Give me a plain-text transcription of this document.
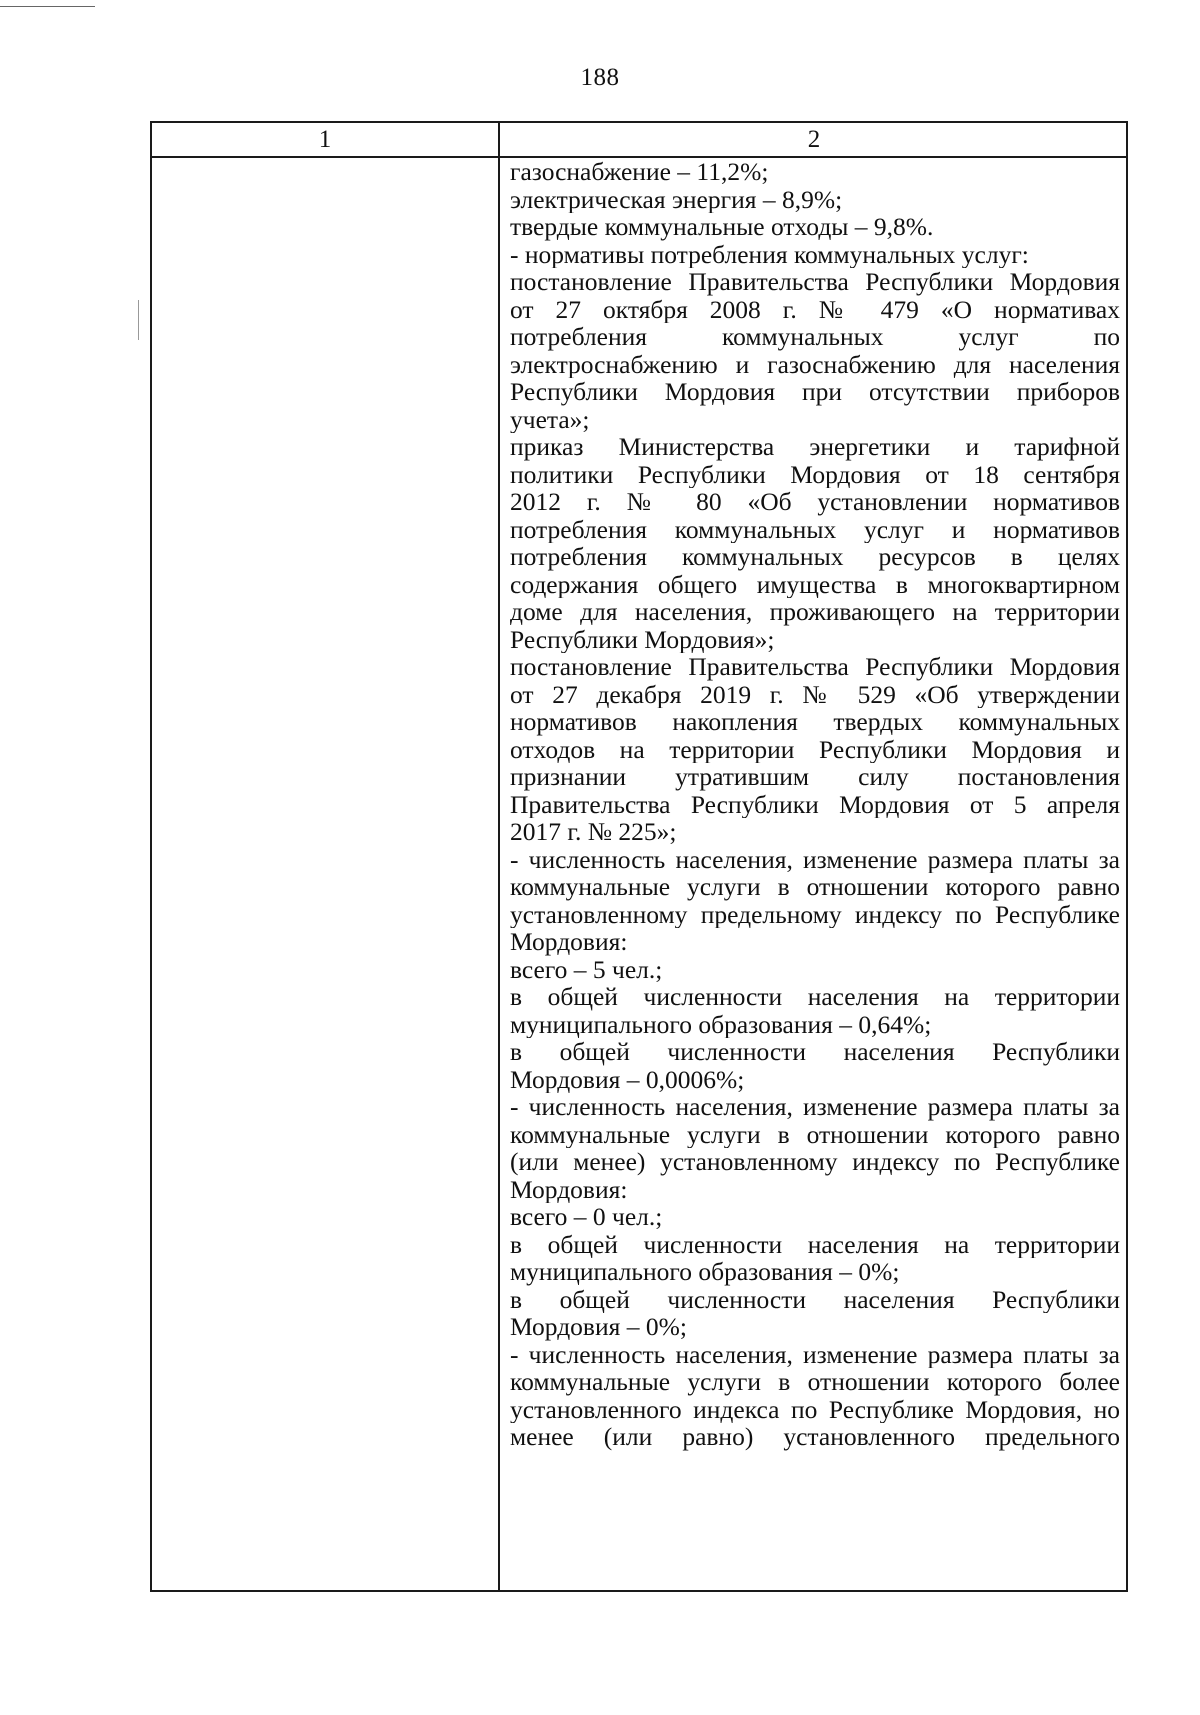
188
1	2
газоснабжение – 11,2%;
электрическая энергия – 8,9%;
твердые коммунальные отходы – 9,8%.
- нормативы потребления коммунальных услуг:
постановление Правительства Республики Мордовия
от 27 октября 2008 г. № 479 «О нормативах
потребления коммунальных услуг по
электроснабжению и газоснабжению для населения
Республики Мордовия при отсутствии приборов
учета»;
приказ Министерства энергетики и тарифной
политики Республики Мордовия от 18 сентября
2012 г. № 80 «Об установлении нормативов
потребления коммунальных услуг и нормативов
потребления коммунальных ресурсов в целях
содержания общего имущества в многоквартирном
доме для населения, проживающего на территории
Республики Мордовия»;
постановление Правительства Республики Мордовия
от 27 декабря 2019 г. № 529 «Об утверждении
нормативов накопления твердых коммунальных
отходов на территории Республики Мордовия и
признании утратившим силу постановления
Правительства Республики Мордовия от 5 апреля
2017 г. № 225»;
- численность населения, изменение размера платы за
коммунальные услуги в отношении которого равно
установленному предельному индексу по Республике
Мордовия:
всего – 5 чел.;
в общей численности населения на территории
муниципального образования – 0,64%;
в общей численности населения Республики
Мордовия – 0,0006%;
- численность населения, изменение размера платы за
коммунальные услуги в отношении которого равно
(или менее) установленному индексу по Республике
Мордовия:
всего – 0 чел.;
в общей численности населения на территории
муниципального образования – 0%;
в общей численности населения Республики
Мордовия – 0%;
- численность населения, изменение размера платы за
коммунальные услуги в отношении которого более
установленного индекса по Республике Мордовия, но
менее (или равно) установленного предельного
